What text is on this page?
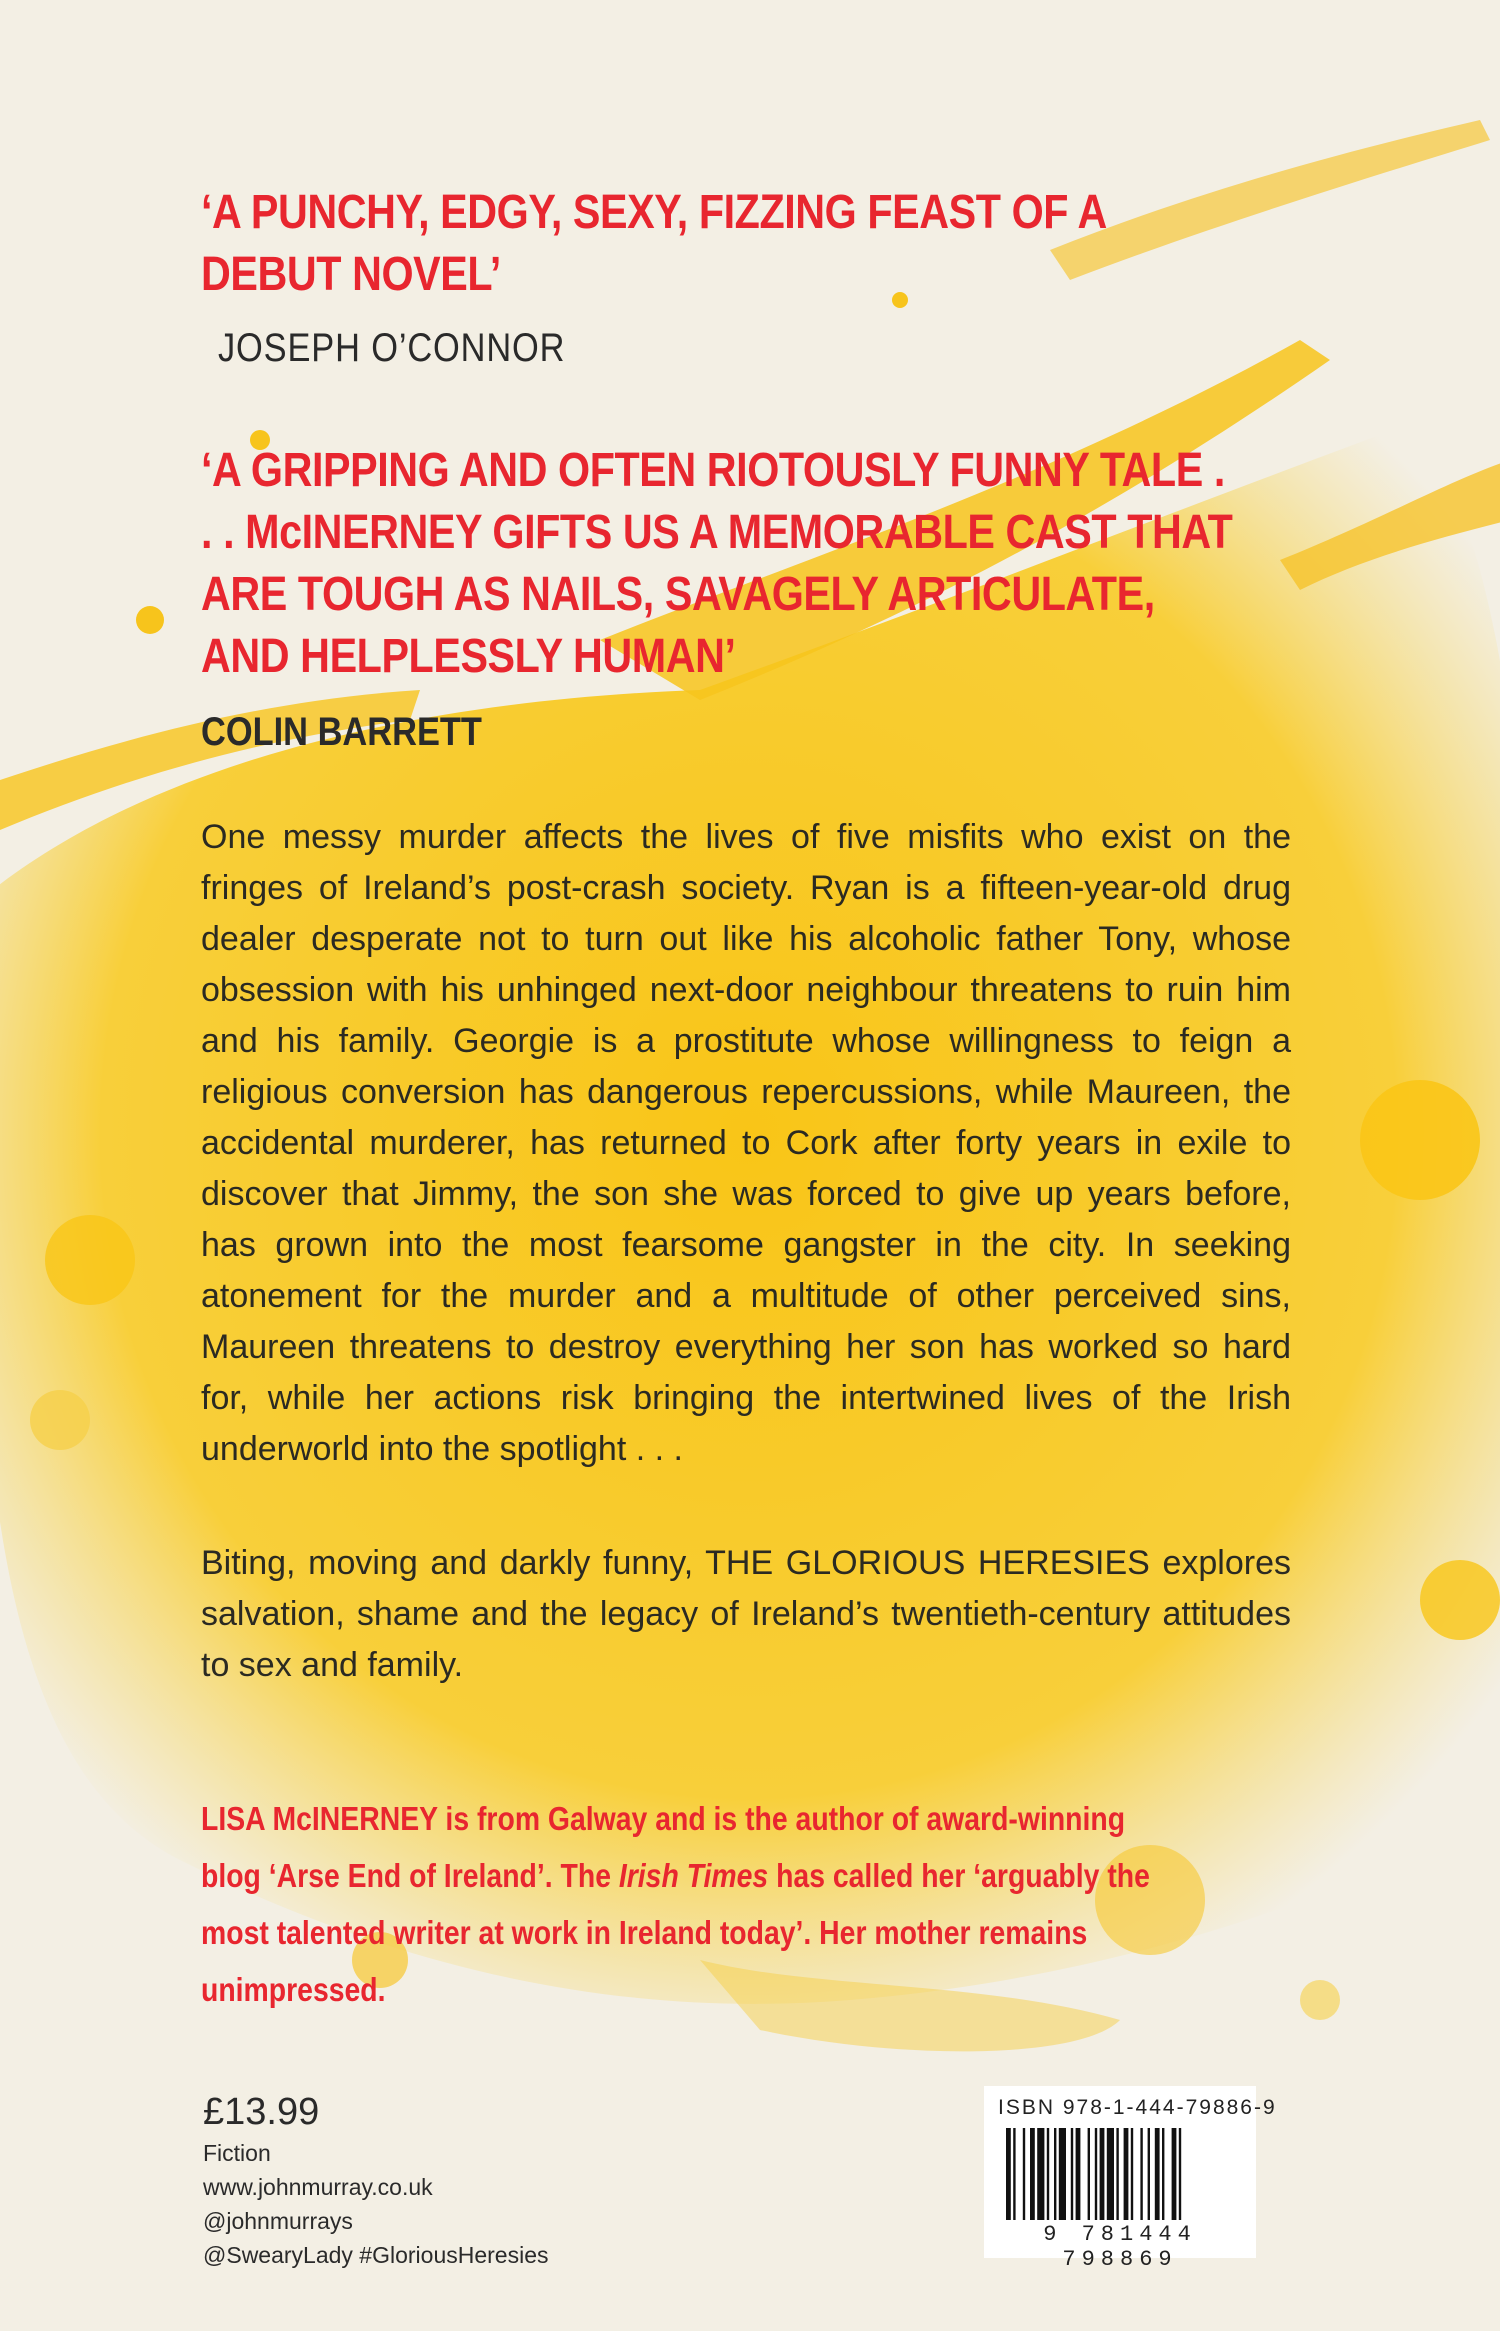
‘A PUNCHY, EDGY, SEXY, FIZZING FEAST OF A DEBUT NOVEL’
JOSEPH O’CONNOR
‘A GRIPPING AND OFTEN RIOTOUSLY FUNNY TALE . . . McINERNEY GIFTS US A MEMORABLE CAST THAT ARE TOUGH AS NAILS, SAVAGELY ARTICULATE, AND HELPLESSLY HUMAN’
COLIN BARRETT
One messy murder affects the lives of five misfits who exist on the fringes of Ireland’s post-crash society. Ryan is a fifteen-year-old drug dealer desperate not to turn out like his alcoholic father Tony, whose obsession with his unhinged next-door neighbour threatens to ruin him and his family. Georgie is a prostitute whose willingness to feign a religious conversion has dangerous repercussions, while Maureen, the accidental murderer, has returned to Cork after forty years in exile to discover that Jimmy, the son she was forced to give up years before, has grown into the most fearsome gangster in the city. In seeking atonement for the murder and a multitude of other perceived sins, Maureen threatens to destroy everything her son has worked so hard for, while her actions risk bringing the intertwined lives of the Irish underworld into the spotlight . . .
Biting, moving and darkly funny, THE GLORIOUS HERESIES explores salvation, shame and the legacy of Ireland’s twentieth-century attitudes to sex and family.
LISA McINERNEY is from Galway and is the author of award-winning blog ‘Arse End of Ireland’. The Irish Times has called her ‘arguably the most talented writer at work in Ireland today’. Her mother remains unimpressed.
£13.99
Fiction
www.johnmurray.co.uk
@johnmurrays
@SwearyLady #GloriousHeresies
ISBN 978-1-444-79886-9
9 781444 798869
